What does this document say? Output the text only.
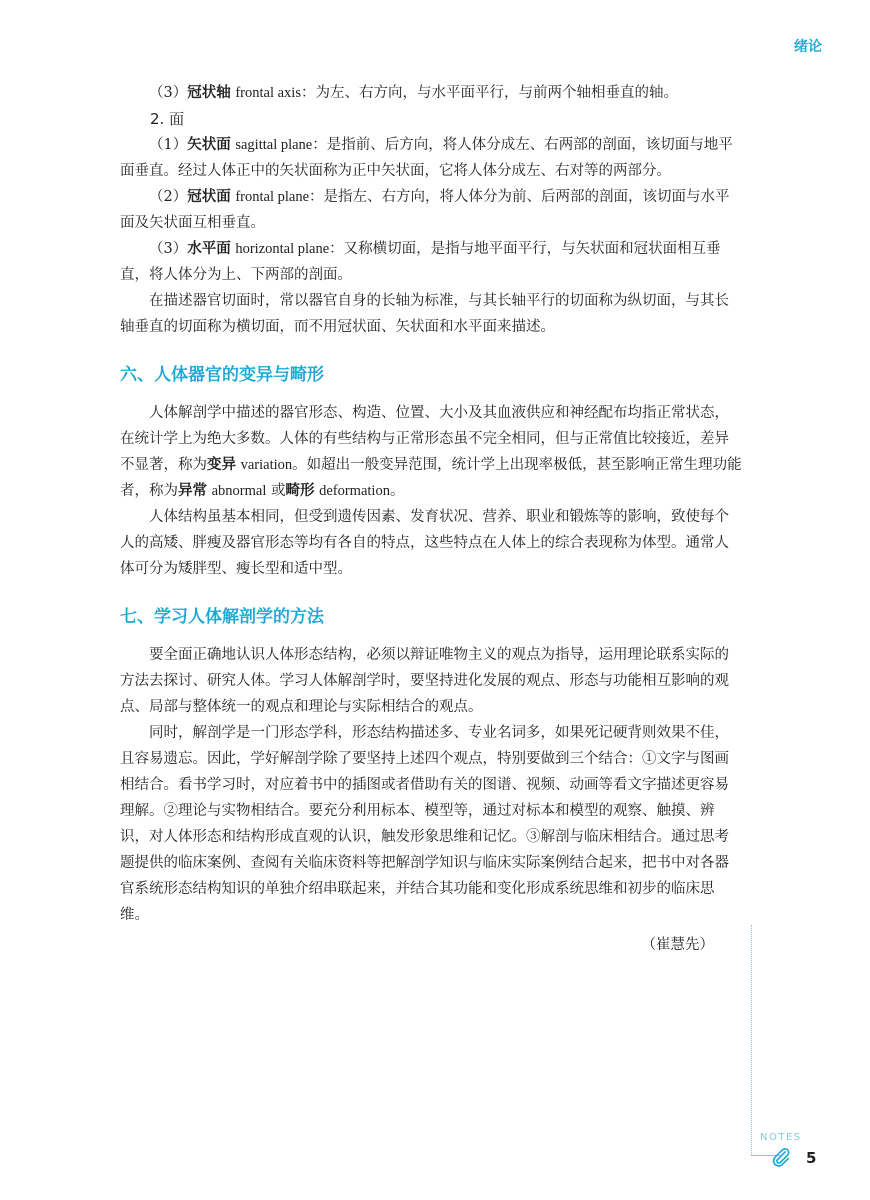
绪论

（3）冠状轴 frontal axis：为左、右方向，与水平面平行，与前两个轴相垂直的轴。

2. 面

（1）矢状面 sagittal plane：是指前、后方向，将人体分成左、右两部的剖面，该切面与地平面垂直。经过人体正中的矢状面称为正中矢状面，它将人体分成左、右对等的两部分。

（2）冠状面 frontal plane：是指左、右方向，将人体分为前、后两部的剖面，该切面与水平面及矢状面互相垂直。

（3）水平面 horizontal plane：又称横切面，是指与地平面平行，与矢状面和冠状面相互垂直，将人体分为上、下两部的剖面。

在描述器官切面时，常以器官自身的长轴为标准，与其长轴平行的切面称为纵切面，与其长轴垂直的切面称为横切面，而不用冠状面、矢状面和水平面来描述。

六、人体器官的变异与畸形

人体解剖学中描述的器官形态、构造、位置、大小及其血液供应和神经配布均指正常状态，在统计学上为绝大多数。人体的有些结构与正常形态虽不完全相同，但与正常值比较接近，差异不显著，称为变异 variation。如超出一般变异范围，统计学上出现率极低，甚至影响正常生理功能者，称为异常 abnormal 或畸形 deformation。

人体结构虽基本相同，但受到遗传因素、发育状况、营养、职业和锻炼等的影响，致使每个人的高矮、胖瘦及器官形态等均有各自的特点，这些特点在人体上的综合表现称为体型。通常人体可分为矮胖型、瘦长型和适中型。

七、学习人体解剖学的方法

要全面正确地认识人体形态结构，必须以辩证唯物主义的观点为指导，运用理论联系实际的方法去探讨、研究人体。学习人体解剖学时，要坚持进化发展的观点、形态与功能相互影响的观点、局部与整体统一的观点和理论与实际相结合的观点。

同时，解剖学是一门形态学科，形态结构描述多、专业名词多，如果死记硬背则效果不佳，且容易遗忘。因此，学好解剖学除了要坚持上述四个观点，特别要做到三个结合：①文字与图画相结合。看书学习时，对应着书中的插图或者借助有关的图谱、视频、动画等看文字描述更容易理解。②理论与实物相结合。要充分利用标本、模型等，通过对标本和模型的观察、触摸、辨识，对人体形态和结构形成直观的认识，触发形象思维和记忆。③解剖与临床相结合。通过思考题提供的临床案例、查阅有关临床资料等把解剖学知识与临床实际案例结合起来，把书中对各器官系统形态结构知识的单独介绍串联起来，并结合其功能和变化形成系统思维和初步的临床思维。

（崔慧先）

NOTES
5
